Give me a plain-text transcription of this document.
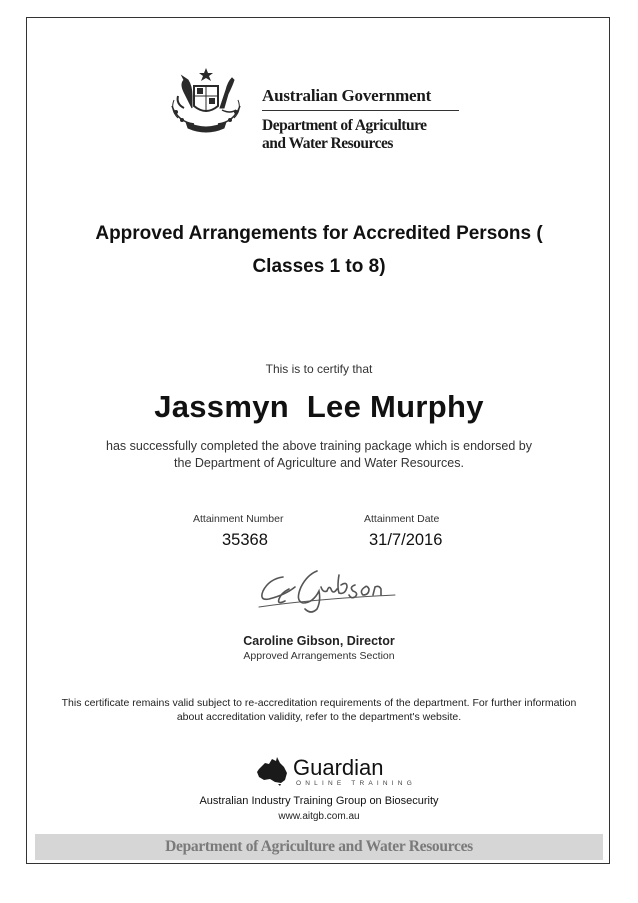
Australian Government
Department of Agriculture
and Water Resources
Approved Arrangements for Accredited Persons ( Classes 1 to 8)
This is to certify that
Jassmyn  Lee Murphy
has successfully completed the above training package which is endorsed by the Department of Agriculture and Water Resources.
Attainment Number
35368
Attainment Date
31/7/2016
Caroline Gibson, Director
Approved Arrangements Section
This certificate remains valid subject to re-accreditation requirements of the department. For further information about accreditation validity, refer to the department's website.
Guardian
ONLINE TRAINING
Australian Industry Training Group on Biosecurity
www.aitgb.com.au
Department of Agriculture and Water Resources
